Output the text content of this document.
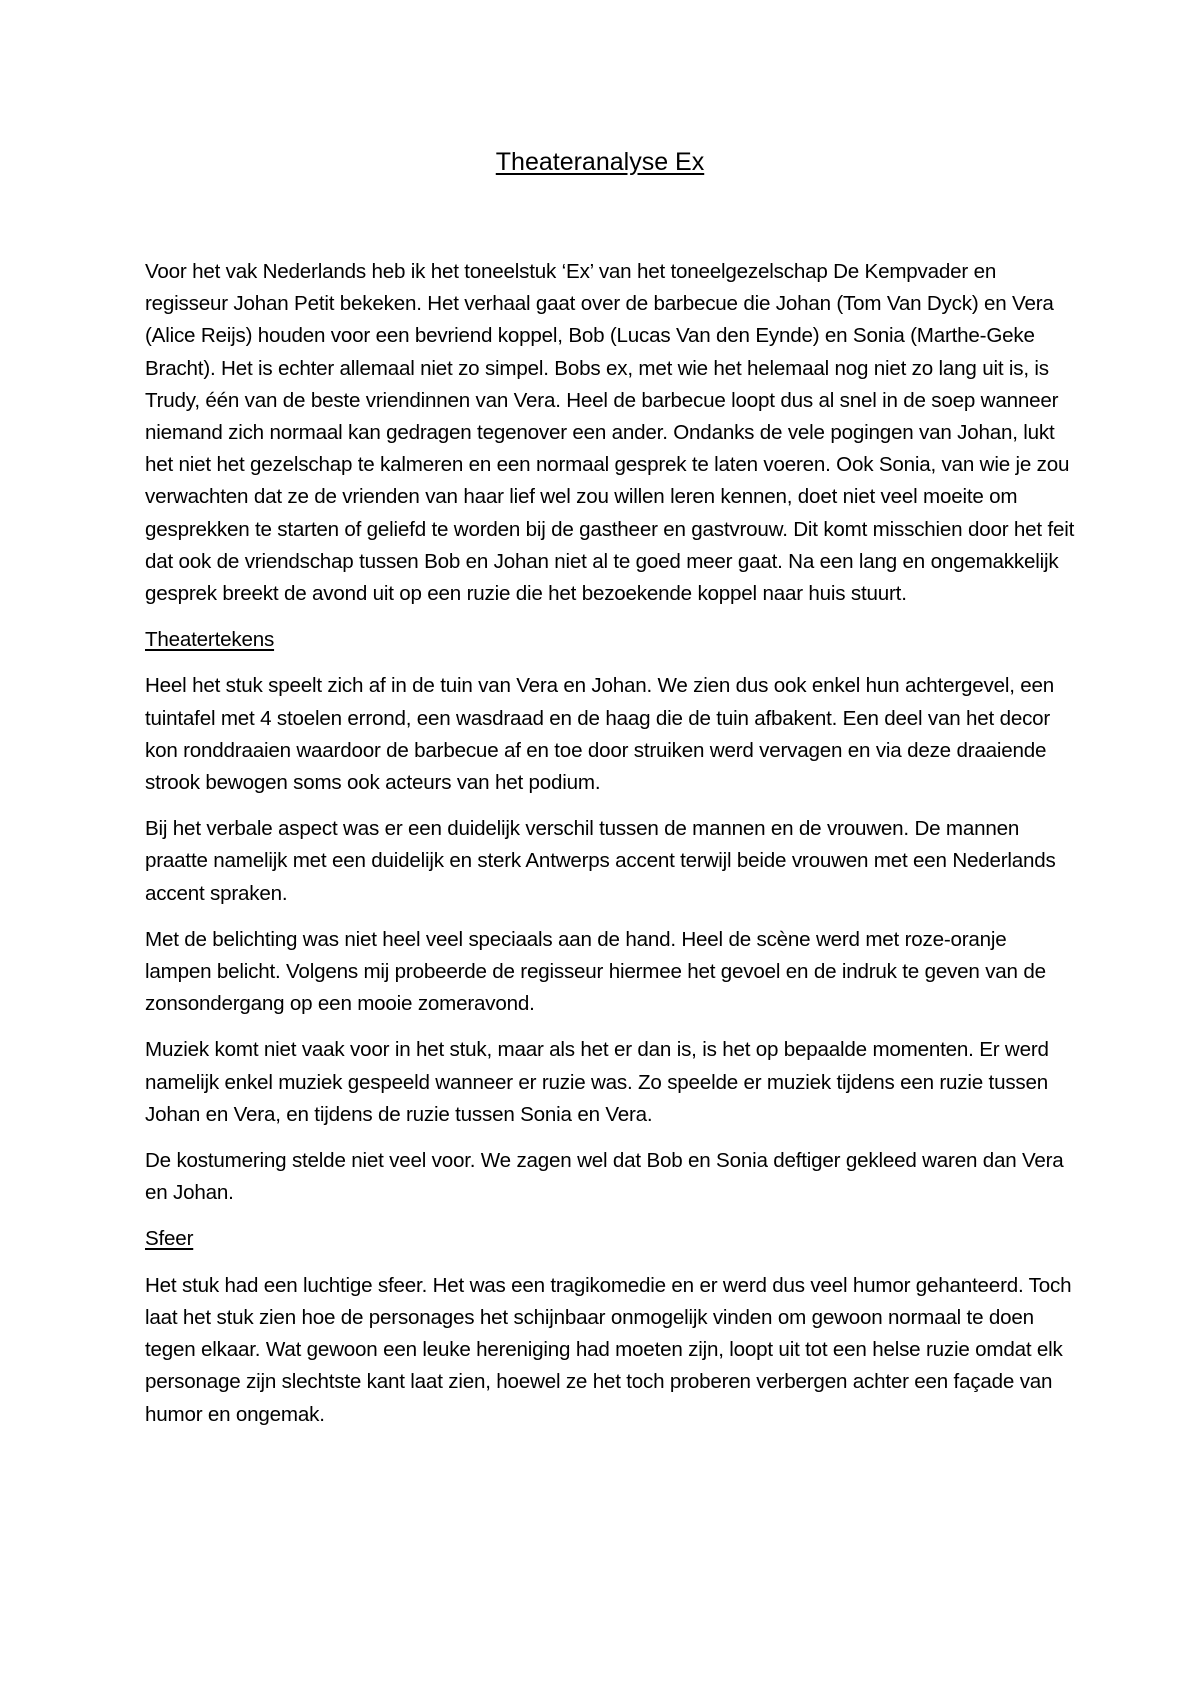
Theateranalyse Ex

Voor het vak Nederlands heb ik het toneelstuk ‘Ex’ van het toneelgezelschap De Kempvader en regisseur Johan Petit bekeken. Het verhaal gaat over de barbecue die Johan (Tom Van Dyck) en Vera (Alice Reijs) houden voor een bevriend koppel, Bob (Lucas Van den Eynde) en Sonia (Marthe-Geke Bracht). Het is echter allemaal niet zo simpel. Bobs ex, met wie het helemaal nog niet zo lang uit is, is Trudy, één van de beste vriendinnen van Vera. Heel de barbecue loopt dus al snel in de soep wanneer niemand zich normaal kan gedragen tegenover een ander. Ondanks de vele pogingen van Johan, lukt het niet het gezelschap te kalmeren en een normaal gesprek te laten voeren. Ook Sonia, van wie je zou verwachten dat ze de vrienden van haar lief wel zou willen leren kennen, doet niet veel moeite om gesprekken te starten of geliefd te worden bij de gastheer en gastvrouw. Dit komt misschien door het feit dat ook de vriendschap tussen Bob en Johan niet al te goed meer gaat. Na een lang en ongemakkelijk gesprek breekt de avond uit op een ruzie die het bezoekende koppel naar huis stuurt.

Theatertekens

Heel het stuk speelt zich af in de tuin van Vera en Johan. We zien dus ook enkel hun achtergevel, een tuintafel met 4 stoelen errond, een wasdraad en de haag die de tuin afbakent. Een deel van het decor kon ronddraaien waardoor de barbecue af en toe door struiken werd vervagen en via deze draaiende strook bewogen soms ook acteurs van het podium.

Bij het verbale aspect was er een duidelijk verschil tussen de mannen en de vrouwen. De mannen praatte namelijk met een duidelijk en sterk Antwerps accent terwijl beide vrouwen met een Nederlands accent spraken.

Met de belichting was niet heel veel speciaals aan de hand. Heel de scène werd met roze-oranje lampen belicht. Volgens mij probeerde de regisseur hiermee het gevoel en de indruk te geven van de zonsondergang op een mooie zomeravond.

Muziek komt niet vaak voor in het stuk, maar als het er dan is, is het op bepaalde momenten. Er werd namelijk enkel muziek gespeeld wanneer er ruzie was. Zo speelde er muziek tijdens een ruzie tussen Johan en Vera, en tijdens de ruzie tussen Sonia en Vera.

De kostumering stelde niet veel voor. We zagen wel dat Bob en Sonia deftiger gekleed waren dan Vera en Johan.

Sfeer

Het stuk had een luchtige sfeer. Het was een tragikomedie en er werd dus veel humor gehanteerd. Toch laat het stuk zien hoe de personages het schijnbaar onmogelijk vinden om gewoon normaal te doen tegen elkaar. Wat gewoon een leuke hereniging had moeten zijn, loopt uit tot een helse ruzie omdat elk personage zijn slechtste kant laat zien, hoewel ze het toch proberen verbergen achter een façade van humor en ongemak.
